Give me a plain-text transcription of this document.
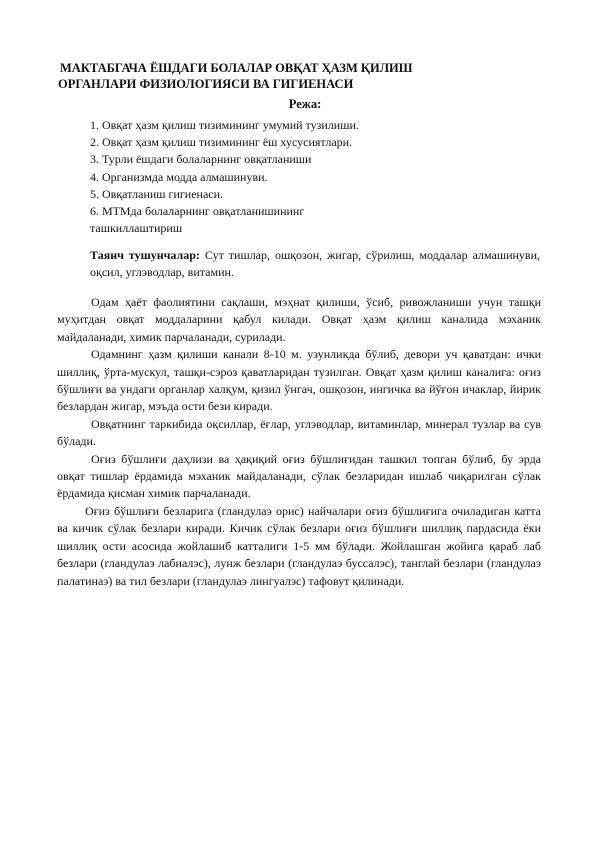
МАКТАБГАЧА ЁШДАГИ БОЛАЛАР ОВҚАТ ҲАЗМ ҚИЛИШ
ОРГАНЛАРИ ФИЗИОЛОГИЯСИ ВА ГИГИЕНАСИ
Режа:
1. Овқат ҳазм қилиш тизимининг умумий тузилиши.
2. Овқат ҳазм қилиш тизимининг ёш хусусиятлари.
3. Турли ёшдаги болаларнинг овқатланиши
4. Организмда модда алмашинуви.
5. Овқатланиш гигиенаси.
6. МТМда болаларнинг овқатланишининг ташкиллаштириш
Таянч тушунчалар: Сут тишлар, ошқозон, жигар, сўрилиш, моддалар алмашинуви, оқсил, углэводлар, витамин.

Одам ҳаёт фаолиятини сақлаши, мэҳнат қилиши, ўсиб, ривожланиши учун ташқи муҳитдан овқат моддаларини қабул килади. Овқат ҳазм қилиш каналида мэханик майдаланади, химик парчаланади, сурилади.

Одамнинг ҳазм қилиши канали 8-10 м. узунликда бўлиб, девори уч қаватдан: ички шиллиқ, ўрта-мускул, ташқи-сэроз қаватларидан тузилган. Овқат ҳазм қилиш каналига: оғиз бўшлиғи ва ундаги органлар халқум, қизил ўнгач, ошқозон, ингичка ва йўғон ичаклар, йирик безлардан жигар, мэъда ости бези киради.

Овқатнинг таркибида оқсиллар, ёғлар, углэводлар, витаминлар, минерал тузлар ва сув бўлади.

Оғиз бўшлиғи даҳлизи ва ҳақиқий оғиз бўшлиғидан ташкил топган бўлиб, бу эрда овқат тишлар ёрдамида мэханик майдаланади, сўлак безларидан ишлаб чиқарилган сўлак ёрдамида қисман химик парчаланади.

Оғиз бўшлиғи безларига (гландулаэ орис) найчалари оғиз бўшлиғига очиладиган катта ва кичик сўлак безлари киради. Кичик сўлак безлари оғиз бўшлиғи шиллиқ пардасида ёки шиллиқ ости асосида жойлашиб катталиги 1-5 мм бўлади. Жойлашган жойига қараб лаб безлари (гландулаэ лабиалэс), лунж безлари (гландулаэ буссалэс), танглай безлари (гландулаэ палатинаэ) ва тил безлари (гландулаэ лингуалэс) тафовут қилинади.
